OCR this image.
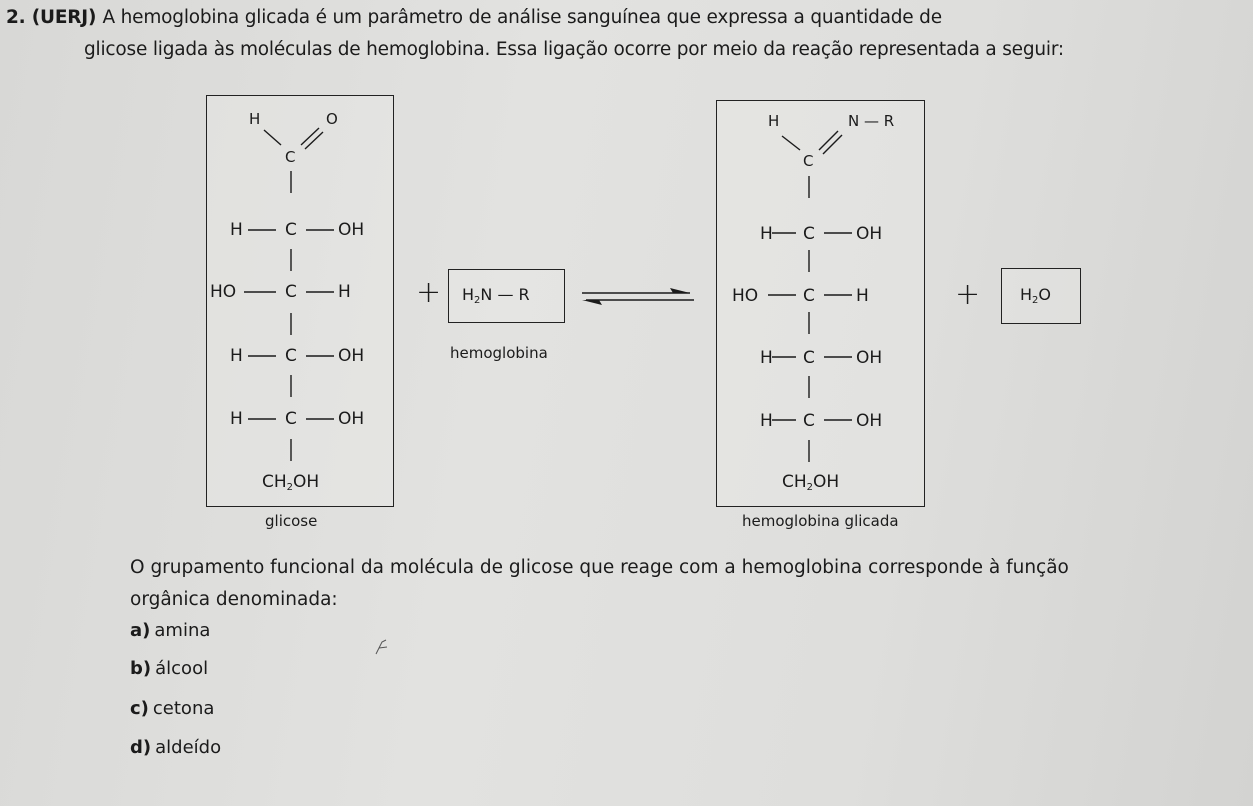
2. (UERJ) A hemoglobina glicada é um parâmetro de análise sanguínea que expressa a quantidade de
glicose ligada às moléculas de hemoglobina. Essa ligação ocorre por meio da reação representada a seguir:
H	O
C
H C OH
HO	C H
H C OH
H C OH
$CH_2OH$
glicose
+ $H_2N$ — R
hemoglobina
H	N — R
C
H C OH
HO	C H
H C OH
H C OH
$CH_2OH$
hemoglobina glicada
+ $H_2O$
O grupamento funcional da molécula de glicose que reage com a hemoglobina corresponde à função
orgânica denominada:
a) amina
b) álcool
c) cetona
d) aldeído
